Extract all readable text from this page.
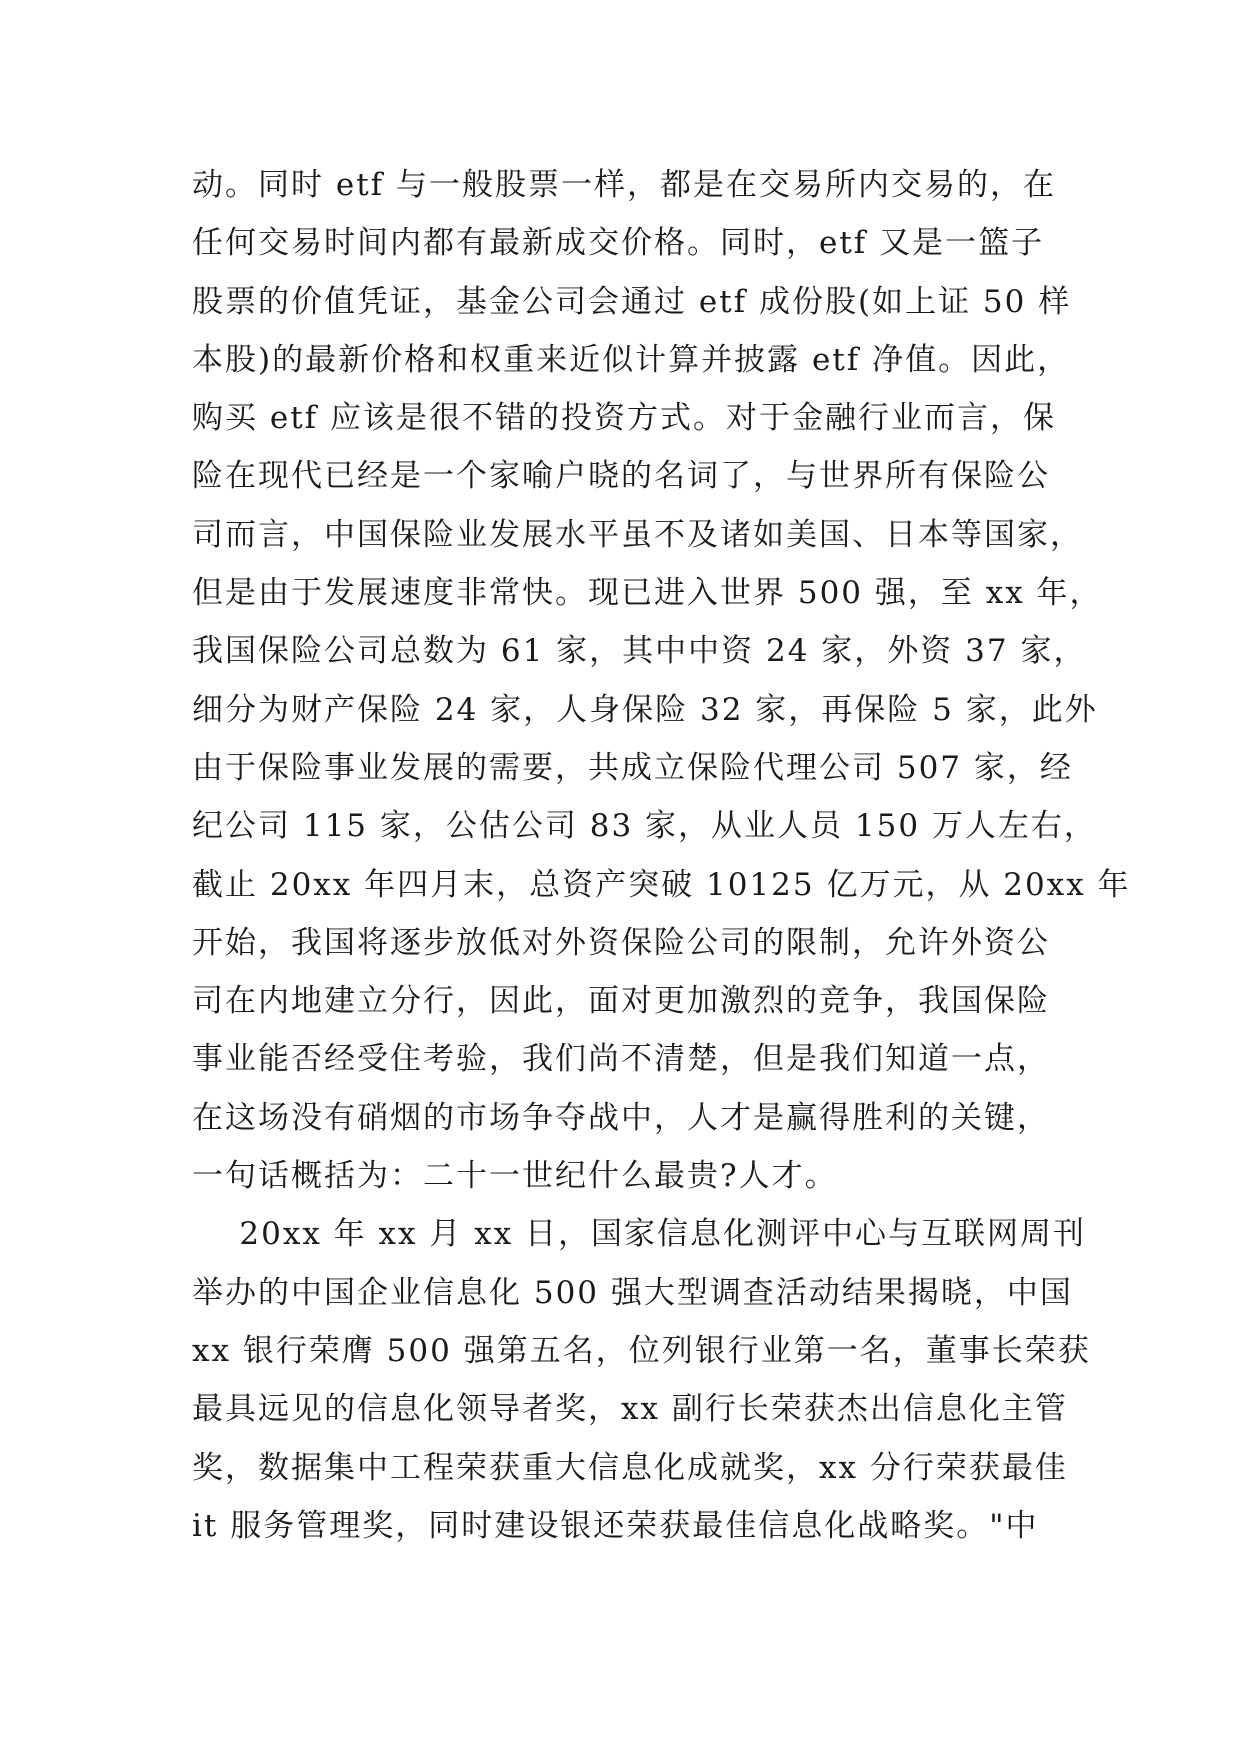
动。同时 etf 与一般股票一样，都是在交易所内交易的，在
任何交易时间内都有最新成交价格。同时，etf 又是一篮子
股票的价值凭证，基金公司会通过 etf 成份股(如上证 50 样
本股)的最新价格和权重来近似计算并披露 etf 净值。因此，
购买 etf 应该是很不错的投资方式。对于金融行业而言，保
险在现代已经是一个家喻户晓的名词了，与世界所有保险公
司而言，中国保险业发展水平虽不及诸如美国、日本等国家，
但是由于发展速度非常快。现已进入世界 500 强，至 xx 年，
我国保险公司总数为 61 家，其中中资 24 家，外资 37 家，
细分为财产保险 24 家，人身保险 32 家，再保险 5 家，此外
由于保险事业发展的需要，共成立保险代理公司 507 家，经
纪公司 115 家，公估公司 83 家，从业人员 150 万人左右，
截止 20xx 年四月末，总资产突破 10125 亿万元，从 20xx 年
开始，我国将逐步放低对外资保险公司的限制，允许外资公
司在内地建立分行，因此，面对更加激烈的竞争，我国保险
事业能否经受住考验，我们尚不清楚，但是我们知道一点，
在这场没有硝烟的市场争夺战中，人才是赢得胜利的关键，
一句话概括为：二十一世纪什么最贵?人才。
20xx 年 xx 月 xx 日，国家信息化测评中心与互联网周刊
举办的中国企业信息化 500 强大型调查活动结果揭晓，中国
xx 银行荣膺 500 强第五名，位列银行业第一名，董事长荣获
最具远见的信息化领导者奖，xx 副行长荣获杰出信息化主管
奖，数据集中工程荣获重大信息化成就奖，xx 分行荣获最佳
it 服务管理奖，同时建设银还荣获最佳信息化战略奖。"中
